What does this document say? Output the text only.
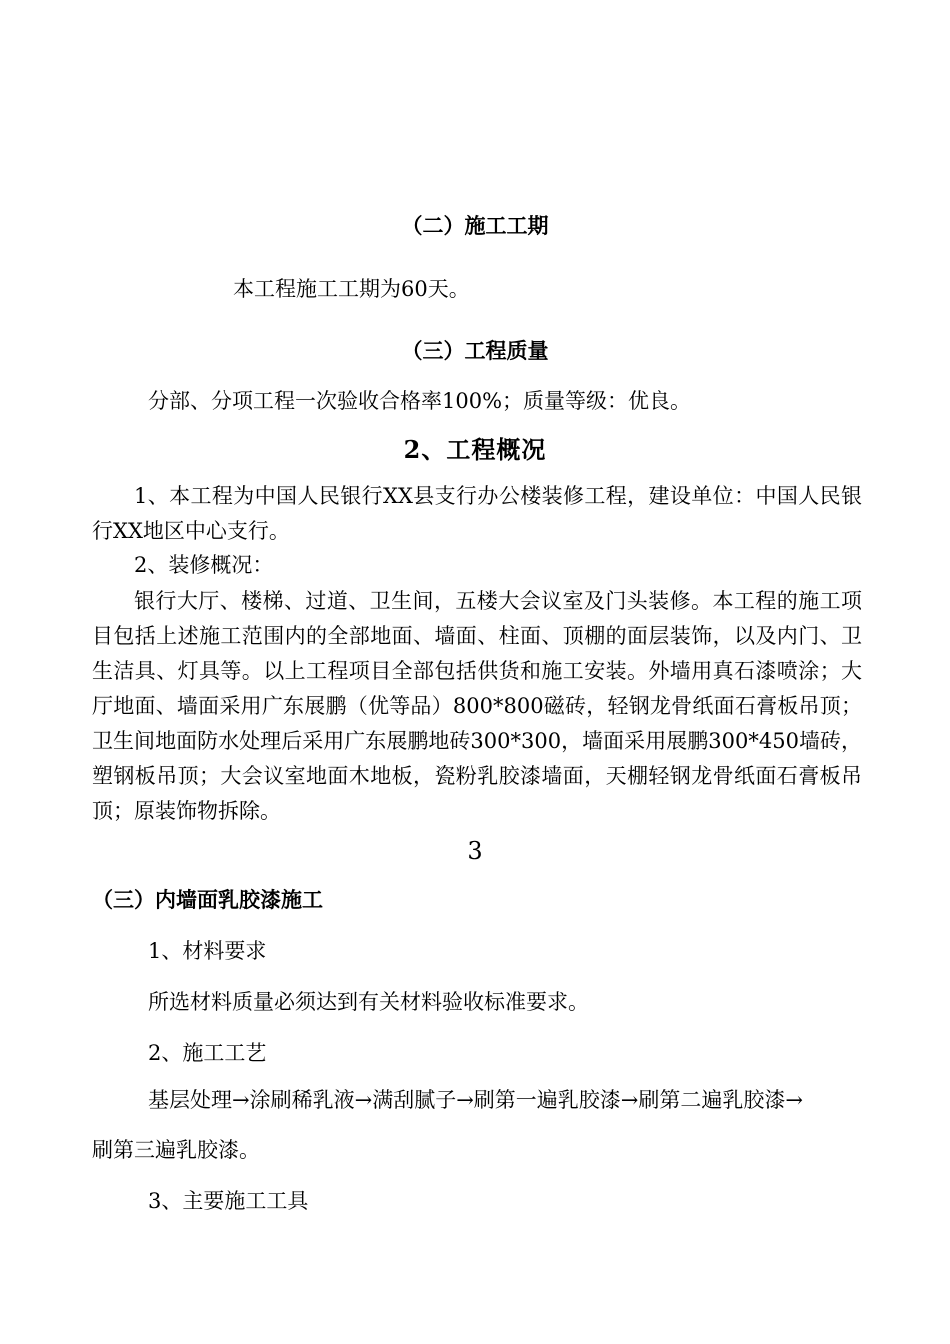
（二）施工工期
本工程施工工期为60天。
（三）工程质量
分部、分项工程一次验收合格率100%；质量等级：优良。
2、工程概况
1、本工程为中国人民银行XX县支行办公楼装修工程，建设单位：中国人民银行XX地区中心支行。
2、装修概况：
银行大厅、楼梯、过道、卫生间，五楼大会议室及门头装修。本工程的施工项目包括上述施工范围内的全部地面、墙面、柱面、顶棚的面层装饰，以及内门、卫生洁具、灯具等。以上工程项目全部包括供货和施工安装。外墙用真石漆喷涂；大厅地面、墙面采用广东展鹏（优等品）800*800磁砖，轻钢龙骨纸面石膏板吊顶；卫生间地面防水处理后采用广东展鹏地砖300*300，墙面采用展鹏300*450墙砖，塑钢板吊顶；大会议室地面木地板，瓷粉乳胶漆墙面，天棚轻钢龙骨纸面石膏板吊顶；原装饰物拆除。
3
（三）内墙面乳胶漆施工
1、材料要求
所选材料质量必须达到有关材料验收标准要求。
2、施工工艺
基层处理→涂刷稀乳液→满刮腻子→刷第一遍乳胶漆→刷第二遍乳胶漆→
刷第三遍乳胶漆。
3、主要施工工具
